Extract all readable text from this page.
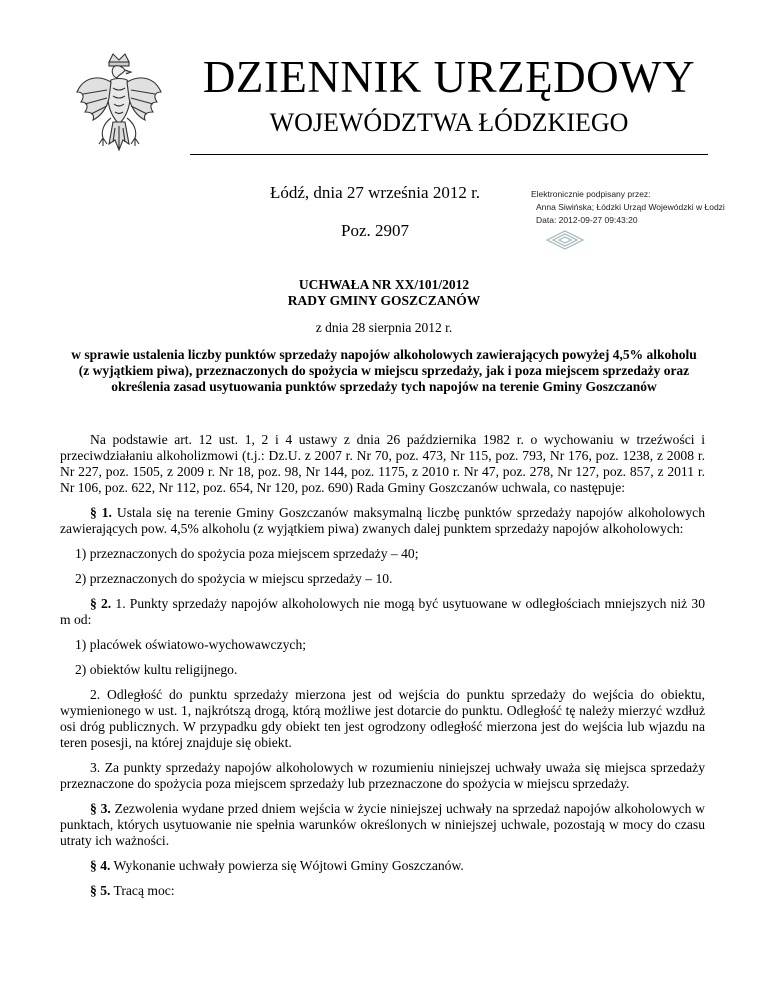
DZIENNIK URZĘDOWY
WOJEWÓDZTWA ŁÓDZKIEGO
Łódź, dnia 27 września 2012 r.
Poz. 2907
Elektronicznie podpisany przez:
Anna Siwińska; Łódzki Urząd Wojewódzki w Łodzi
Data: 2012-09-27 09:43:20
UCHWAŁA NR XX/101/2012
RADY GMINY GOSZCZANÓW
z dnia 28 sierpnia 2012 r.
w sprawie ustalenia liczby punktów sprzedaży napojów alkoholowych zawierających powyżej 4,5% alkoholu (z wyjątkiem piwa), przeznaczonych do spożycia w miejscu sprzedaży, jak i poza miejscem sprzedaży oraz określenia zasad usytuowania punktów sprzedaży tych napojów na terenie Gminy Goszczanów

Na podstawie art. 12 ust. 1, 2 i 4 ustawy z dnia 26 października 1982 r. o wychowaniu w trzeźwości i przeciwdziałaniu alkoholizmowi (t.j.: Dz.U. z 2007 r. Nr 70, poz. 473, Nr 115, poz. 793, Nr 176, poz. 1238, z 2008 r. Nr 227, poz. 1505, z 2009 r. Nr 18, poz. 98, Nr 144, poz. 1175, z 2010 r. Nr 47, poz. 278, Nr 127, poz. 857, z 2011 r. Nr 106, poz. 622, Nr 112, poz. 654, Nr 120, poz. 690) Rada Gminy Goszczanów uchwala, co następuje:

§ 1. Ustala się na terenie Gminy Goszczanów maksymalną liczbę punktów sprzedaży napojów alkoholowych zawierających pow. 4,5% alkoholu (z wyjątkiem piwa) zwanych dalej punktem sprzedaży napojów alkoholowych:

1) przeznaczonych do spożycia poza miejscem sprzedaży – 40;

2) przeznaczonych do spożycia w miejscu sprzedaży – 10.

§ 2. 1. Punkty sprzedaży napojów alkoholowych nie mogą być usytuowane w odległościach mniejszych niż 30 m od:

1) placówek oświatowo-wychowawczych;

2) obiektów kultu religijnego.

2. Odległość do punktu sprzedaży mierzona jest od wejścia do punktu sprzedaży do wejścia do obiektu, wymienionego w ust. 1, najkrótszą drogą, którą możliwe jest dotarcie do punktu. Odległość tę należy mierzyć wzdłuż osi dróg publicznych. W przypadku gdy obiekt ten jest ogrodzony odległość mierzona jest do wejścia lub wjazdu na teren posesji, na której znajduje się obiekt.

3. Za punkty sprzedaży napojów alkoholowych w rozumieniu niniejszej uchwały uważa się miejsca sprzedaży przeznaczone do spożycia poza miejscem sprzedaży lub przeznaczone do spożycia w miejscu sprzedaży.

§ 3. Zezwolenia wydane przed dniem wejścia w życie niniejszej uchwały na sprzedaż napojów alkoholowych w punktach, których usytuowanie nie spełnia warunków określonych w niniejszej uchwale, pozostają w mocy do czasu utraty ich ważności.

§ 4. Wykonanie uchwały powierza się Wójtowi Gminy Goszczanów.

§ 5. Tracą moc:
